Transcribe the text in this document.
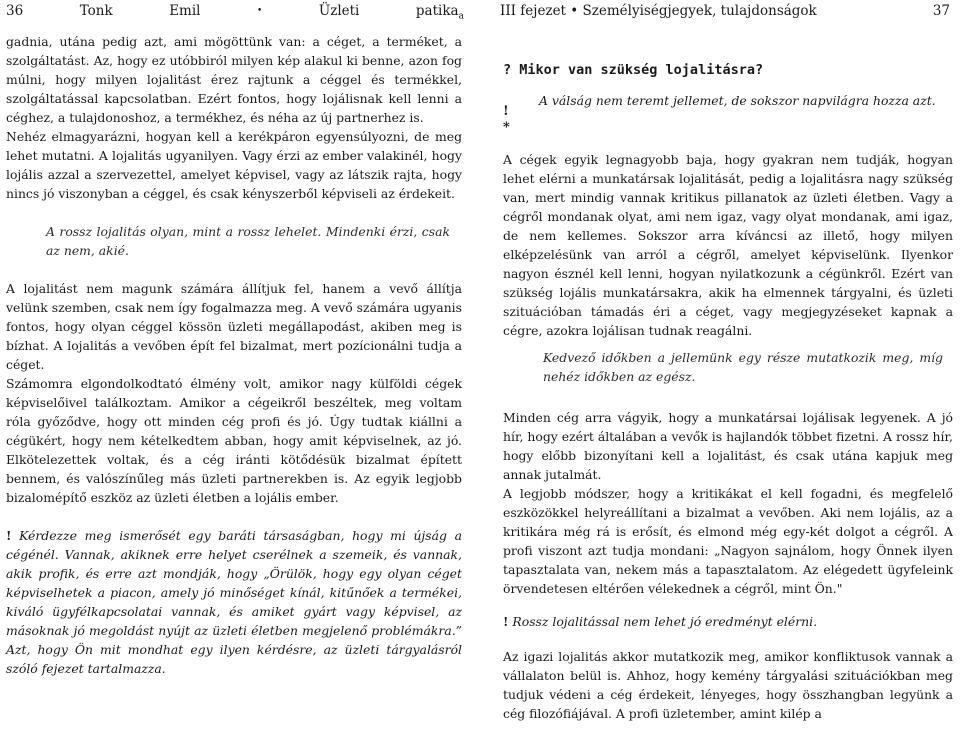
36	Tonk	Emil	•	Üzleti	patika$_a$	III fejezet • Személyiségjegyek, tulajdonságok	37

gadnia, utána pedig azt, ami mögöttünk van: a céget, a terméket, a szolgáltatást. Az, hogy ez utóbbiról milyen kép alakul ki benne, azon fog múlni, hogy milyen lojalitást érez rajtunk a céggel és termékkel, szolgáltatással kapcsolatban. Ezért fontos, hogy lojálisnak kell lenni a céghez, a tulajdonoshoz, a termékhez, és néha az új partnerhez is.

Nehéz elmagyarázni, hogyan kell a kerékpáron egyensúlyozni, de meg lehet mutatni. A lojalitás ugyanilyen. Vagy érzi az ember valakinél, hogy lojális azzal a szervezettel, amelyet képvisel, vagy az látszik rajta, hogy nincs jó viszonyban a céggel, és csak kényszerből képviseli az érdekeit.

A rossz lojalitás olyan, mint a rossz lehelet. Mindenki érzi, csak az nem, akié.

A lojalitást nem magunk számára állítjuk fel, hanem a vevő állítja velünk szemben, csak nem így fogalmazza meg. A vevő számára ugyanis fontos, hogy olyan céggel kössön üzleti megállapodást, akiben meg is bízhat. A lojalitás a vevőben épít fel bizalmat, mert pozícionálni tudja a céget.

Számomra elgondolkodtató élmény volt, amikor nagy külföldi cégek képviselőivel találkoztam. Amikor a cégeikről beszéltek, meg voltam róla győződve, hogy ott minden cég profi és jó. Úgy tudtak kiállni a cégükért, hogy nem kételkedtem abban, hogy amit képviselnek, az jó. Elkötelezettek voltak, és a cég iránti kötődésük bizalmat épített bennem, és valószínűleg más üzleti partnerekben is. Az egyik legjobb bizalomépítő eszköz az üzleti életben a lojális ember.

! Kérdezze meg ismerősét egy baráti társaságban, hogy mi újság a cégénél. Vannak, akiknek erre helyet cserélnek a szemeik, és vannak, akik profik, és erre azt mondják, hogy „Örülök, hogy egy olyan céget képviselhetek a piacon, amely jó minőséget kínál, kitűnőek a termékei, kiváló ügyfélkapcsolatai vannak, és amiket gyárt vagy képvisel, az másoknak jó megoldást nyújt az üzleti életben megjelenő problémákra.” Azt, hogy Ön mit mondhat egy ilyen kérdésre, az üzleti tárgyalásról szóló fejezet tartalmazza.

? Mikor van szükség lojalitásra?
!
*
A válság nem teremt jellemet, de sokszor napvilágra hozza azt.

A cégek egyik legnagyobb baja, hogy gyakran nem tudják, hogyan lehet elérni a munkatársak lojalitását, pedig a lojalitásra nagy szükség van, mert mindig vannak kritikus pillanatok az üzleti életben. Vagy a cégről mondanak olyat, ami nem igaz, vagy olyat mondanak, ami igaz, de nem kellemes. Sokszor arra kíváncsi az illető, hogy milyen elképzelésünk van arról a cégről, amelyet képviselünk. Ilyenkor nagyon észnél kell lenni, hogyan nyilatkozunk a cégünkről. Ezért van szükség lojális munkatársakra, akik ha elmennek tárgyalni, és üzleti szituációban támadás éri a céget, vagy megjegyzéseket kapnak a cégre, azokra lojálisan tudnak reagálni.

Kedvező időkben a jellemünk egy része mutatkozik meg, míg nehéz időkben az egész.

Minden cég arra vágyik, hogy a munkatársai lojálisak legyenek. A jó hír, hogy ezért általában a vevők is hajlandók többet fizetni. A rossz hír, hogy előbb bizonyítani kell a lojalitást, és csak utána kapjuk meg annak jutalmát.

A legjobb módszer, hogy a kritikákat el kell fogadni, és megfelelő eszközökkel helyreállítani a bizalmat a vevőben. Aki nem lojális, az a kritikára még rá is erősít, és elmond még egy-két dolgot a cégről. A profi viszont azt tudja mondani: „Nagyon sajnálom, hogy Önnek ilyen tapasztalata van, nekem más a tapasztalatom. Az elégedett ügyfeleink örvendetesen eltérően vélekednek a cégről, mint Ön."

! Rossz lojalitással nem lehet jó eredményt elérni.

Az igazi lojalitás akkor mutatkozik meg, amikor konfliktusok vannak a vállalaton belül is. Ahhoz, hogy kemény tárgyalási szituációkban meg tudjuk védeni a cég érdekeit, lényeges, hogy összhangban legyünk a cég filozófiájával. A profi üzletember, amint kilép a
